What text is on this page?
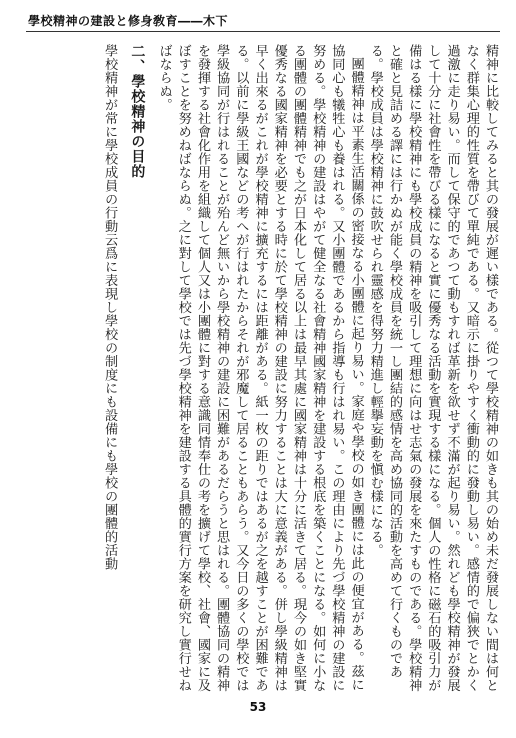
學校精神の建設と修身敎育――木下

精神に比較してみると其の發展が遲い樣である。從つて學校精神の如きも其の始め未だ發展しない間は何となく群集心理的性質を帶びて單純である。又暗示に掛りやすく衝動的に發動し易い。感情的で偏狹でとかく過激に走り易い。而して保守的であつて動もすれば革新を欲せず不滿が起り易い。然れども學校精神が發展して十分に社會性を帶びる樣になると實に優秀なる活動を實現する樣になる。個人の性格に磁石的吸引力が備はる樣に學校精神にも學校成員の精神を吸引して理想に向はせ志氣の發展を來たすものである。學校精神と確と見詰める譯には行かぬが能く學校成員を統一し團結的感情を高め協同的活動を高めて行くものである。學校成員は學校精神に鼓吹せられ靈感を得努力精進し輕擧妄動を愼む樣になる。

團體精神は平素生活關係の密接なる小團體に起り易い。家庭や學校の如き團體には此の便宜がある。茲に協同心も犧牲心も養はれる。又小團體であるから指導も行はれ易い。この理由により先づ學校精神の建設に努める。學校精神の建設はやがて健全なる社會精神國家精神を建設する根底を築くことになる。如何に小なる團體の團體精神でも之が日本化して居る以上は最早其處に國家精神は十分に活きて居る。現今の如き堅實優秀なる國家精神を必要とする時に於て學校精神の建設に努力することは大に意義がある。併し學級精神は早く出來るがこれが學校精神に擴充するには距離がある。紙一枚の距りではあるが之を越すことが困難である。以前に學級王國などの考へが行はれたからそれが邪魔して居ることもあらう。又今日の多くの學校では學級協同が行はれることが殆んど無いから學校精神の建設に困難があるだらうと思はれる。團體協同の精神を發揮する社會化作用を組織して個人又は小團體に對する意識同情奉仕の考を擴げて學校、社會、國家に及ぼすことを努めねばならぬ。之に對して學校では先づ學校精神を建設する具體的實行方案を研究し實行せねばならぬ。

二、學校精神の目的

學校精神が常に學校成員の行動云爲に表現し學校の制度にも設備にも學校の團體的活動

53
